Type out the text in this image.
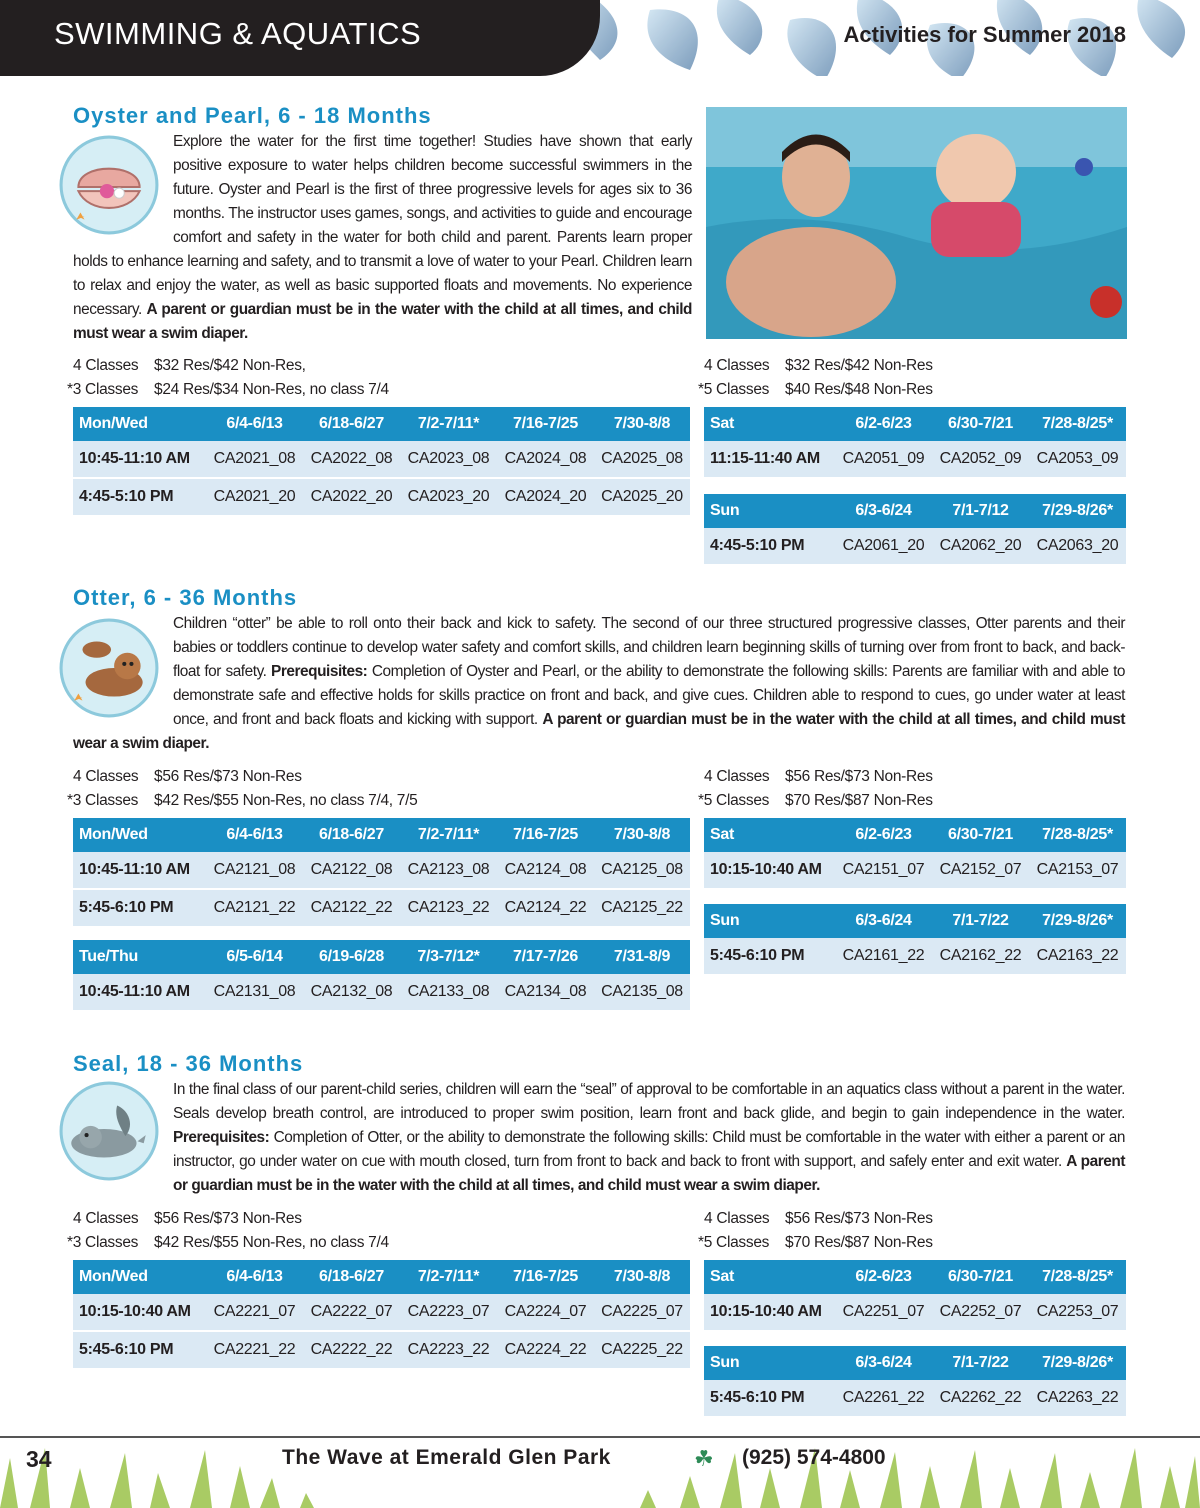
SWIMMING & AQUATICS	Activities for Summer 2018
Oyster and Pearl, 6 - 18 Months
Explore the water for the first time together! Studies have shown that early positive exposure to water helps children become successful swimmers in the future. Oyster and Pearl is the first of three progressive levels for ages six to 36 months. The instructor uses games, songs, and activities to guide and encourage comfort and safety in the water for both child and parent. Parents learn proper holds to enhance learning and safety, and to transmit a love of water to your Pearl. Children learn to relax and enjoy the water, as well as basic supported floats and movements. No experience necessary. A parent or guardian must be in the water with the child at all times, and child must wear a swim diaper.
4 Classes $32 Res/$42 Non-Res,
*3 Classes $24 Res/$34 Non-Res, no class 7/4
4 Classes $32 Res/$42 Non-Res
*5 Classes $40 Res/$48 Non-Res
Mon/Wed	6/4-6/13	6/18-6/27	7/2-7/11*	7/16-7/25	7/30-8/8
10:45-11:10 AM	CA2021_08	CA2022_08	CA2023_08	CA2024_08	CA2025_08
4:45-5:10 PM	CA2021_20	CA2022_20	CA2023_20	CA2024_20	CA2025_20
Sat	6/2-6/23	6/30-7/21	7/28-8/25*
11:15-11:40 AM	CA2051_09	CA2052_09	CA2053_09
Sun	6/3-6/24	7/1-7/12	7/29-8/26*
4:45-5:10 PM	CA2061_20	CA2062_20	CA2063_20
Otter, 6 - 36 Months
Children “otter” be able to roll onto their back and kick to safety. The second of our three structured progressive classes, Otter parents and their babies or toddlers continue to develop water safety and comfort skills, and children learn beginning skills of turning over from front to back, and back-float for safety. Prerequisites: Completion of Oyster and Pearl, or the ability to demonstrate the following skills: Parents are familiar with and able to demonstrate safe and effective holds for skills practice on front and back, and give cues. Children able to respond to cues, go under water at least once, and front and back floats and kicking with support. A parent or guardian must be in the water with the child at all times, and child must wear a swim diaper.
4 Classes $56 Res/$73 Non-Res
*3 Classes $42 Res/$55 Non-Res, no class 7/4, 7/5
4 Classes $56 Res/$73 Non-Res
*5 Classes $70 Res/$87 Non-Res
Mon/Wed	6/4-6/13	6/18-6/27	7/2-7/11*	7/16-7/25	7/30-8/8
10:45-11:10 AM	CA2121_08	CA2122_08	CA2123_08	CA2124_08	CA2125_08
5:45-6:10 PM	CA2121_22	CA2122_22	CA2123_22	CA2124_22	CA2125_22
Tue/Thu	6/5-6/14	6/19-6/28	7/3-7/12*	7/17-7/26	7/31-8/9
10:45-11:10 AM	CA2131_08	CA2132_08	CA2133_08	CA2134_08	CA2135_08
Sat	6/2-6/23	6/30-7/21	7/28-8/25*
10:15-10:40 AM	CA2151_07	CA2152_07	CA2153_07
Sun	6/3-6/24	7/1-7/22	7/29-8/26*
5:45-6:10 PM	CA2161_22	CA2162_22	CA2163_22
Seal, 18 - 36 Months
In the final class of our parent-child series, children will earn the “seal” of approval to be comfortable in an aquatics class without a parent in the water. Seals develop breath control, are introduced to proper swim position, learn front and back glide, and begin to gain independence in the water. Prerequisites: Completion of Otter, or the ability to demonstrate the following skills: Child must be comfortable in the water with either a parent or an instructor, go under water on cue with mouth closed, turn from front to back and back to front with support, and safely enter and exit water. A parent or guardian must be in the water with the child at all times, and child must wear a swim diaper.
4 Classes $56 Res/$73 Non-Res
*3 Classes $42 Res/$55 Non-Res, no class 7/4
4 Classes $56 Res/$73 Non-Res
*5 Classes $70 Res/$87 Non-Res
Mon/Wed	6/4-6/13	6/18-6/27	7/2-7/11*	7/16-7/25	7/30-8/8
10:15-10:40 AM	CA2221_07	CA2222_07	CA2223_07	CA2224_07	CA2225_07
5:45-6:10 PM	CA2221_22	CA2222_22	CA2223_22	CA2224_22	CA2225_22
Sat	6/2-6/23	6/30-7/21	7/28-8/25*
10:15-10:40 AM	CA2251_07	CA2252_07	CA2253_07
Sun	6/3-6/24	7/1-7/22	7/29-8/26*
5:45-6:10 PM	CA2261_22	CA2262_22	CA2263_22
34	The Wave at Emerald Glen Park	☘ (925) 574-4800
